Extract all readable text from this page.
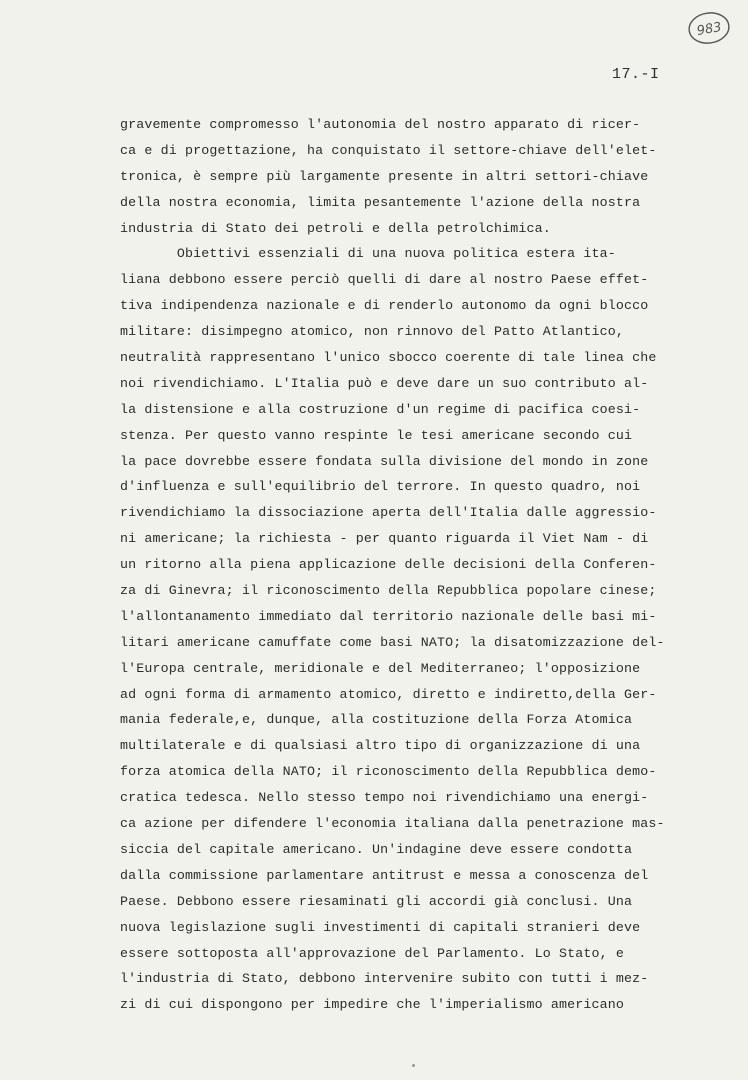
983
17.-I
gravemente compromesso l'autonomia del nostro apparato di ricer-
ca e di progettazione, ha conquistato il settore-chiave dell'elet-
tronica, è sempre più largamente presente in altri settori-chiave
della nostra economia, limita pesantemente l'azione della nostra
industria di Stato dei petroli e della petrolchimica.
Obiettivi essenziali di una nuova politica estera ita-
liana debbono essere perciò quelli di dare al nostro Paese effet-
tiva indipendenza nazionale e di renderlo autonomo da ogni blocco
militare: disimpegno atomico, non rinnovo del Patto Atlantico,
neutralità rappresentano l'unico sbocco coerente di tale linea che
noi rivendichiamo. L'Italia può e deve dare un suo contributo al-
la distensione e alla costruzione d'un regime di pacifica coesi-
stenza. Per questo vanno respinte le tesi americane secondo cui
la pace dovrebbe essere fondata sulla divisione del mondo in zone
d'influenza e sull'equilibrio del terrore. In questo quadro, noi
rivendichiamo la dissociazione aperta dell'Italia dalle aggressio-
ni americane; la richiesta - per quanto riguarda il Viet Nam - di
un ritorno alla piena applicazione delle decisioni della Conferen-
za di Ginevra; il riconoscimento della Repubblica popolare cinese;
l'allontanamento immediato dal territorio nazionale delle basi mi-
litari americane camuffate come basi NATO; la disatomizzazione del-
l'Europa centrale, meridionale e del Mediterraneo; l'opposizione
ad ogni forma di armamento atomico, diretto e indiretto,della Ger-
mania federale,e, dunque, alla costituzione della Forza Atomica
multilaterale e di qualsiasi altro tipo di organizzazione di una
forza atomica della NATO; il riconoscimento della Repubblica demo-
cratica tedesca. Nello stesso tempo noi rivendichiamo una energi-
ca azione per difendere l'economia italiana dalla penetrazione mas-
siccia del capitale americano. Un'indagine deve essere condotta
dalla commissione parlamentare antitrust e messa a conoscenza del
Paese. Debbono essere riesaminati gli accordi già conclusi. Una
nuova legislazione sugli investimenti di capitali stranieri deve
essere sottoposta all'approvazione del Parlamento. Lo Stato, e
l'industria di Stato, debbono intervenire subito con tutti i mez-
zi di cui dispongono per impedire che l'imperialismo americano
